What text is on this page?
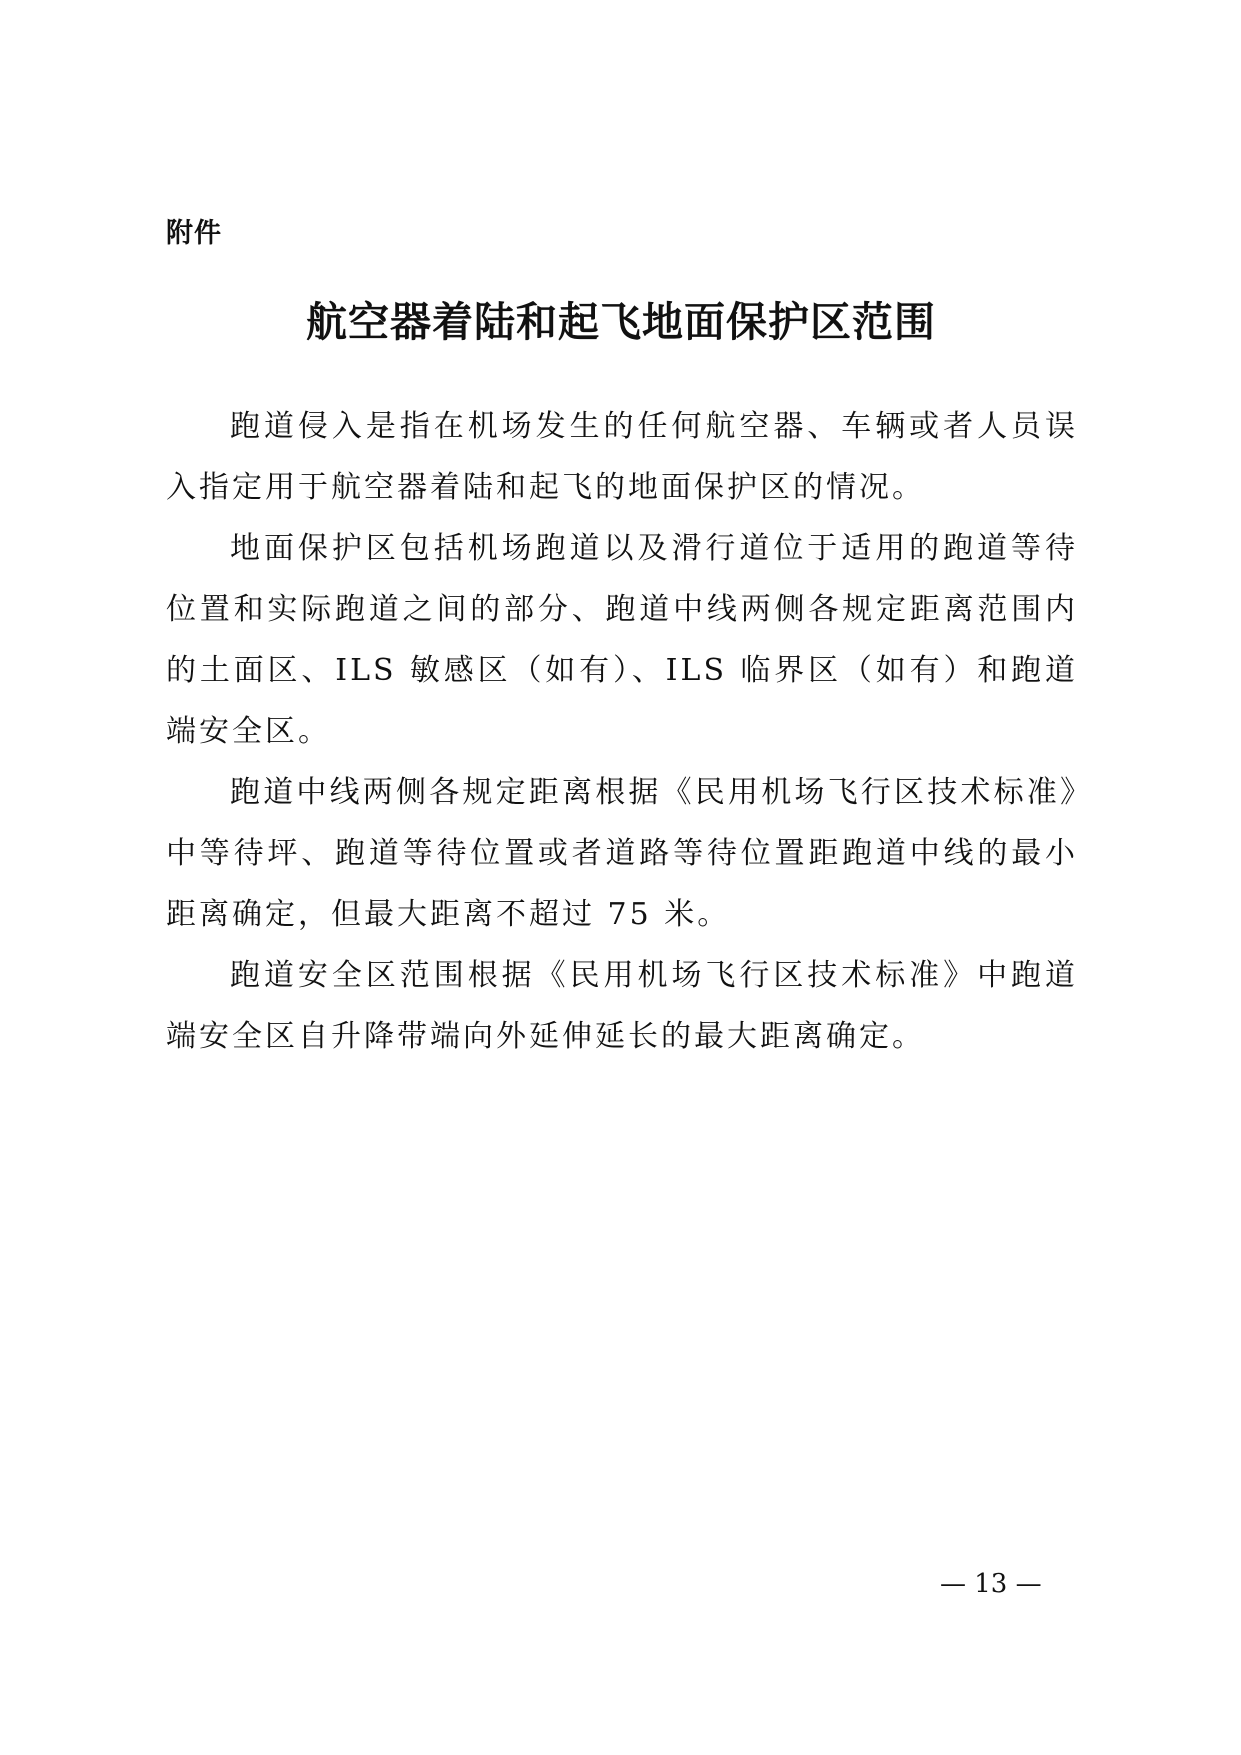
附件
航空器着陆和起飞地面保护区范围

跑道侵入是指在机场发生的任何航空器、车辆或者人员误入指定用于航空器着陆和起飞的地面保护区的情况。

地面保护区包括机场跑道以及滑行道位于适用的跑道等待位置和实际跑道之间的部分、跑道中线两侧各规定距离范围内的土面区、ILS 敏感区（如有）、ILS 临界区（如有）和跑道端安全区。

跑道中线两侧各规定距离根据《民用机场飞行区技术标准》中等待坪、跑道等待位置或者道路等待位置距跑道中线的最小距离确定，但最大距离不超过 75 米。

跑道安全区范围根据《民用机场飞行区技术标准》中跑道端安全区自升降带端向外延伸延长的最大距离确定。

— 13 —
